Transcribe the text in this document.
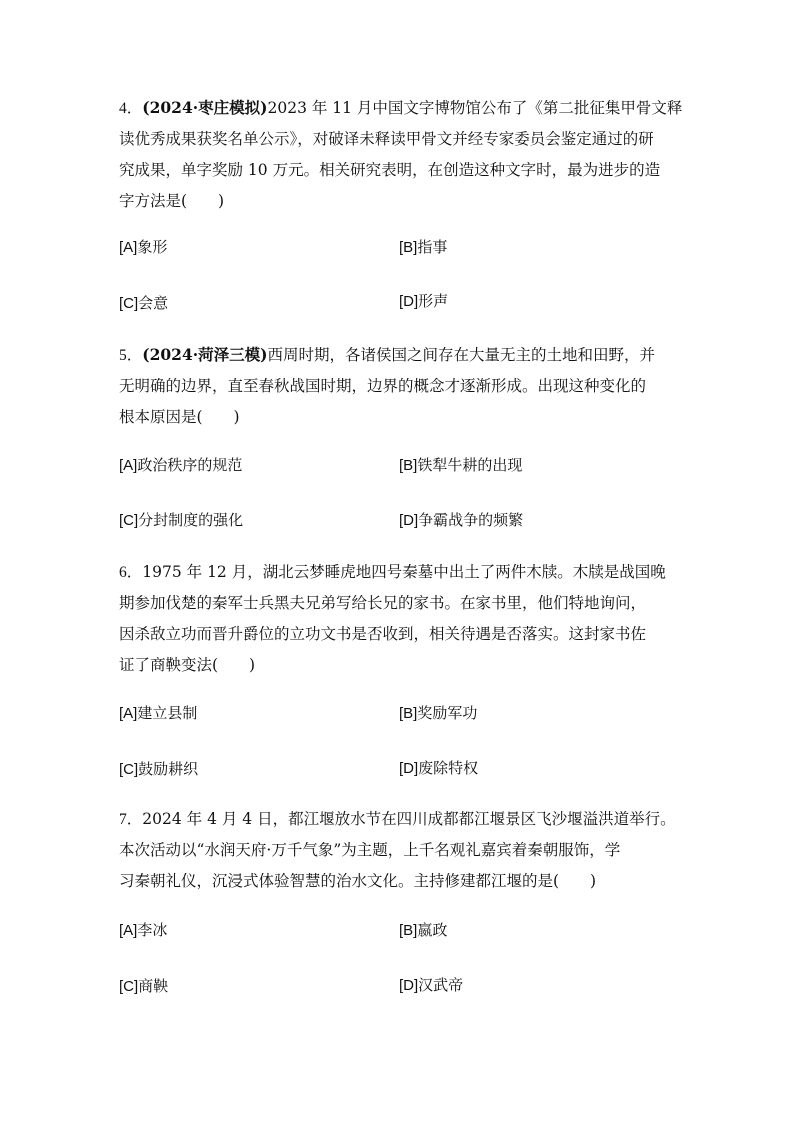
4．(2024·枣庄模拟)2023 年 11 月中国文字博物馆公布了《第二批征集甲骨文释
读优秀成果获奖名单公示》，对破译未释读甲骨文并经专家委员会鉴定通过的研
究成果，单字奖励 10 万元。相关研究表明，在创造这种文字时，最为进步的造
字方法是(　　)

[A]象形	[B]指事
[C]会意	[D]形声

5．(2024·菏泽三模)西周时期，各诸侯国之间存在大量无主的土地和田野，并
无明确的边界，直至春秋战国时期，边界的概念才逐渐形成。出现这种变化的
根本原因是(　　)

[A]政治秩序的规范	[B]铁犁牛耕的出现
[C]分封制度的强化	[D]争霸战争的频繁

6．1975 年 12 月，湖北云梦睡虎地四号秦墓中出土了两件木牍。木牍是战国晚
期参加伐楚的秦军士兵黑夫兄弟写给长兄的家书。在家书里，他们特地询问，
因杀敌立功而晋升爵位的立功文书是否收到，相关待遇是否落实。这封家书佐
证了商鞅变法(　　)

[A]建立县制	[B]奖励军功
[C]鼓励耕织	[D]废除特权

7．2024 年 4 月 4 日，都江堰放水节在四川成都都江堰景区飞沙堰溢洪道举行。
本次活动以“水润天府·万千气象”为主题，上千名观礼嘉宾着秦朝服饰，学
习秦朝礼仪，沉浸式体验智慧的治水文化。主持修建都江堰的是(　　)

[A]李冰	[B]嬴政
[C]商鞅	[D]汉武帝
